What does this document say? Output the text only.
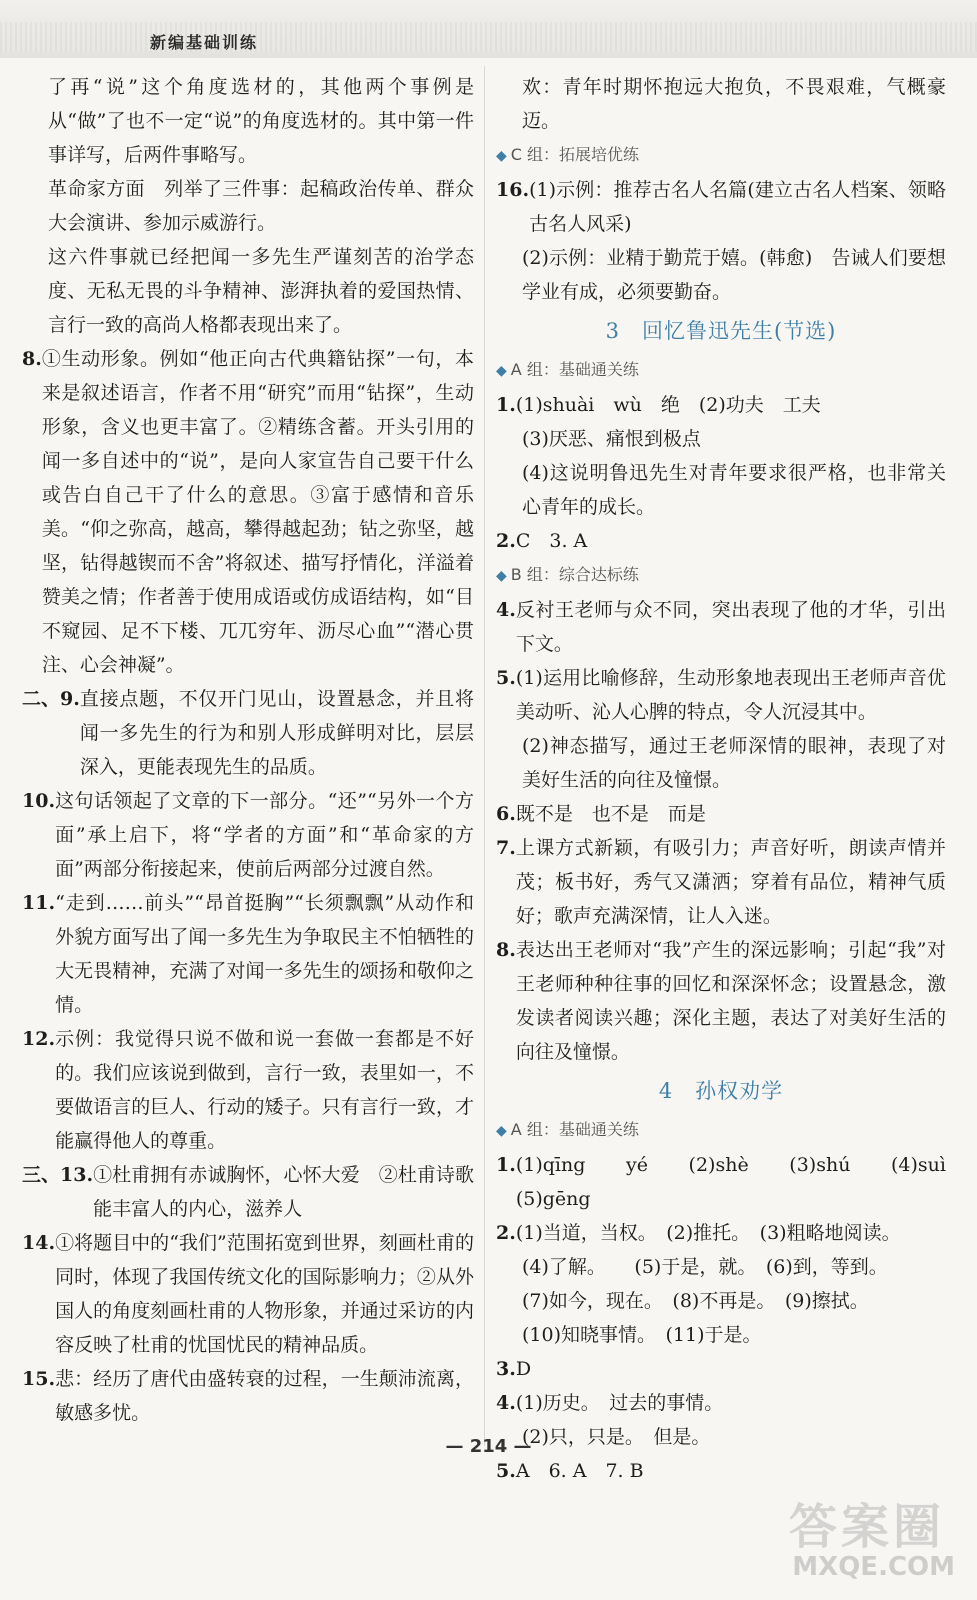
新编基础训练
了再“说”这个角度选材的，其他两个事例是从“做”了也不一定“说”的角度选材的。其中第一件事详写，后两件事略写。
革命家方面　列举了三件事：起稿政治传单、群众大会演讲、参加示威游行。
这六件事就已经把闻一多先生严谨刻苦的治学态度、无私无畏的斗争精神、澎湃执着的爱国热情、言行一致的高尚人格都表现出来了。
8. ①生动形象。例如“他正向古代典籍钻探”一句，本来是叙述语言，作者不用“研究”而用“钻探”，生动形象，含义也更丰富了。②精练含蓄。开头引用的闻一多自述中的“说”，是向人家宣告自己要干什么或告白自己干了什么的意思。③富于感情和音乐美。“仰之弥高，越高，攀得越起劲；钻之弥坚，越坚，钻得越锲而不舍”将叙述、描写抒情化，洋溢着赞美之情；作者善于使用成语或仿成语结构，如“目不窥园、足不下楼、兀兀穷年、沥尽心血”“潜心贯注、心会神凝”。
二、9. 直接点题，不仅开门见山，设置悬念，并且将闻一多先生的行为和别人形成鲜明对比，层层深入，更能表现先生的品质。
10. 这句话领起了文章的下一部分。“还”“另外一个方面”承上启下，将“学者的方面”和“革命家的方面”两部分衔接起来，使前后两部分过渡自然。
11. “走到……前头”“昂首挺胸”“长须飘飘”从动作和外貌方面写出了闻一多先生为争取民主不怕牺牲的大无畏精神，充满了对闻一多先生的颂扬和敬仰之情。
12. 示例：我觉得只说不做和说一套做一套都是不好的。我们应该说到做到，言行一致，表里如一，不要做语言的巨人、行动的矮子。只有言行一致，才能赢得他人的尊重。
三、13. ①杜甫拥有赤诚胸怀，心怀大爱　②杜甫诗歌能丰富人的内心，滋养人
14. ①将题目中的“我们”范围拓宽到世界，刻画杜甫的同时，体现了我国传统文化的国际影响力；②从外国人的角度刻画杜甫的人物形象，并通过采访的内容反映了杜甫的忧国忧民的精神品质。
15. 悲：经历了唐代由盛转衰的过程，一生颠沛流离，敏感多忧。
欢：青年时期怀抱远大抱负，不畏艰难，气概豪迈。
◆ C 组：拓展培优练
16. (1)示例：推荐古名人名篇(建立古名人档案、领略古名人风采)
(2)示例：业精于勤荒于嬉。(韩愈)　告诫人们要想学业有成，必须要勤奋。
3　回忆鲁迅先生(节选)
◆ A 组：基础通关练
1. (1)shuài　wù　绝　(2)功夫　工夫
(3)厌恶、痛恨到极点
(4)这说明鲁迅先生对青年要求很严格，也非常关心青年的成长。
2. C　3. A
◆ B 组：综合达标练
4. 反衬王老师与众不同，突出表现了他的才华，引出下文。
5. (1)运用比喻修辞，生动形象地表现出王老师声音优美动听、沁人心脾的特点，令人沉浸其中。
(2)神态描写，通过王老师深情的眼神，表现了对美好生活的向往及憧憬。
6. 既不是　也不是　而是
7. 上课方式新颖，有吸引力；声音好听，朗读声情并茂；板书好，秀气又潇洒；穿着有品位，精神气质好；歌声充满深情，让人入迷。
8. 表达出王老师对“我”产生的深远影响；引起“我”对王老师种种往事的回忆和深深怀念；设置悬念，激发读者阅读兴趣；深化主题，表达了对美好生活的向往及憧憬。
4　孙权劝学
◆ A 组：基础通关练
1. (1)qīng　yé　(2)shè　(3)shú　(4)suì　(5)gēng
2. (1)当道，当权。　(2)推托。　(3)粗略地阅读。
(4)了解。　　(5)于是，就。　(6)到，等到。
(7)如今，现在。　(8)不再是。　(9)擦拭。
(10)知晓事情。　(11)于是。
3. D
4. (1)历史。　过去的事情。
(2)只，只是。　但是。
5. A　6. A　7. B
— 214 —
答案圈
MXQE.COM
